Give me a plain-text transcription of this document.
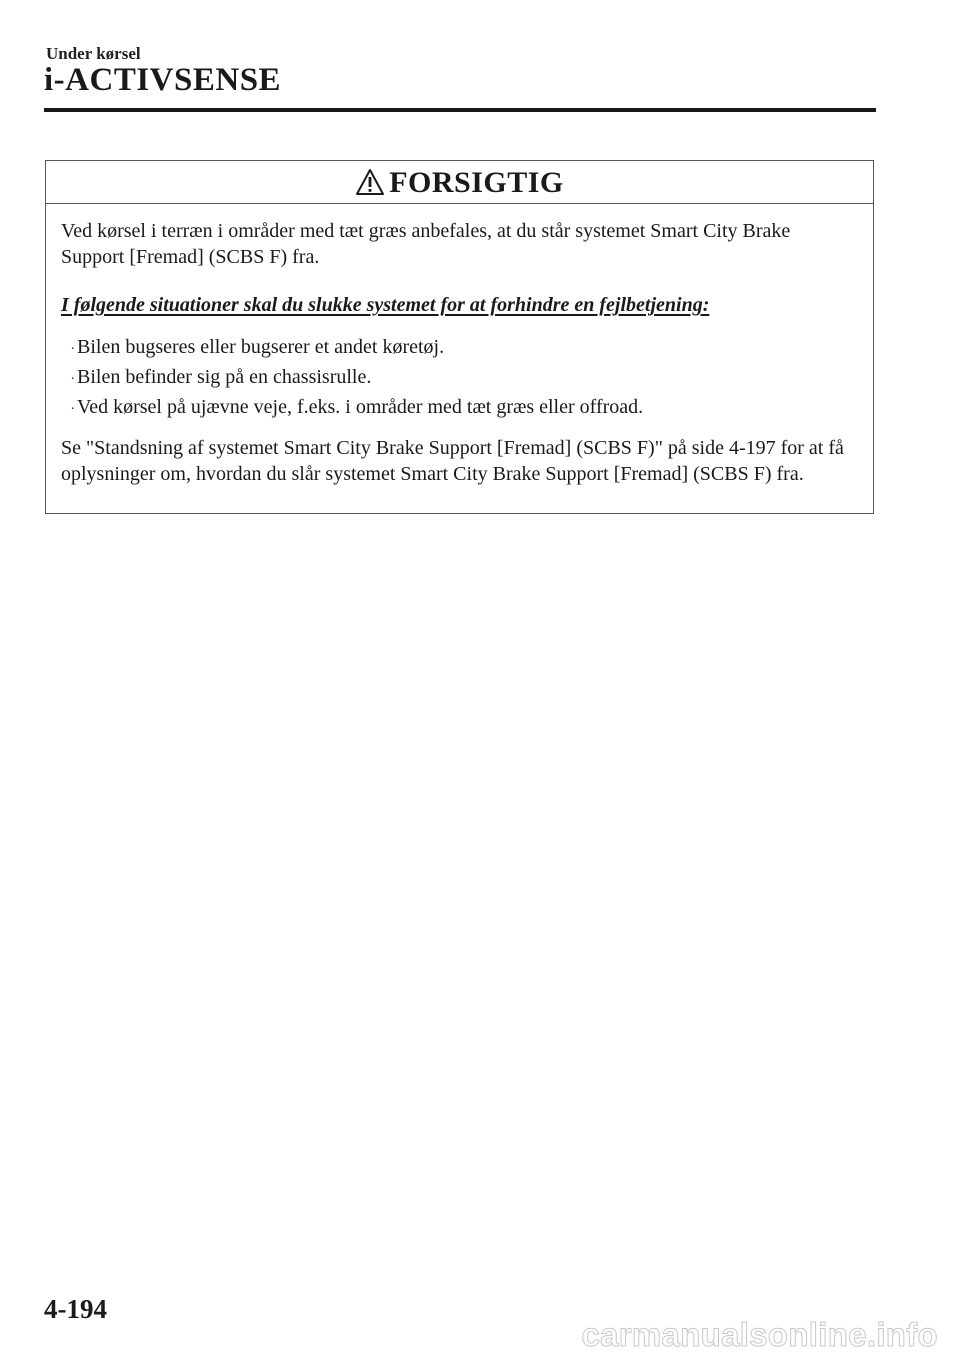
Under kørsel
i-ACTIVSENSE
FORSIGTIG

Ved kørsel i terræn i områder med tæt græs anbefales, at du står systemet Smart City Brake Support [Fremad] (SCBS F) fra.

I følgende situationer skal du slukke systemet for at forhindre en fejlbetjening:

· Bilen bugseres eller bugserer et andet køretøj.
· Bilen befinder sig på en chassisrulle.
· Ved kørsel på ujævne veje, f.eks. i områder med tæt græs eller offroad.

Se "Standsning af systemet Smart City Brake Support [Fremad] (SCBS F)" på side 4-197 for at få oplysninger om, hvordan du slår systemet Smart City Brake Support [Fremad] (SCBS F) fra.

4-194
carmanualsonline.info
